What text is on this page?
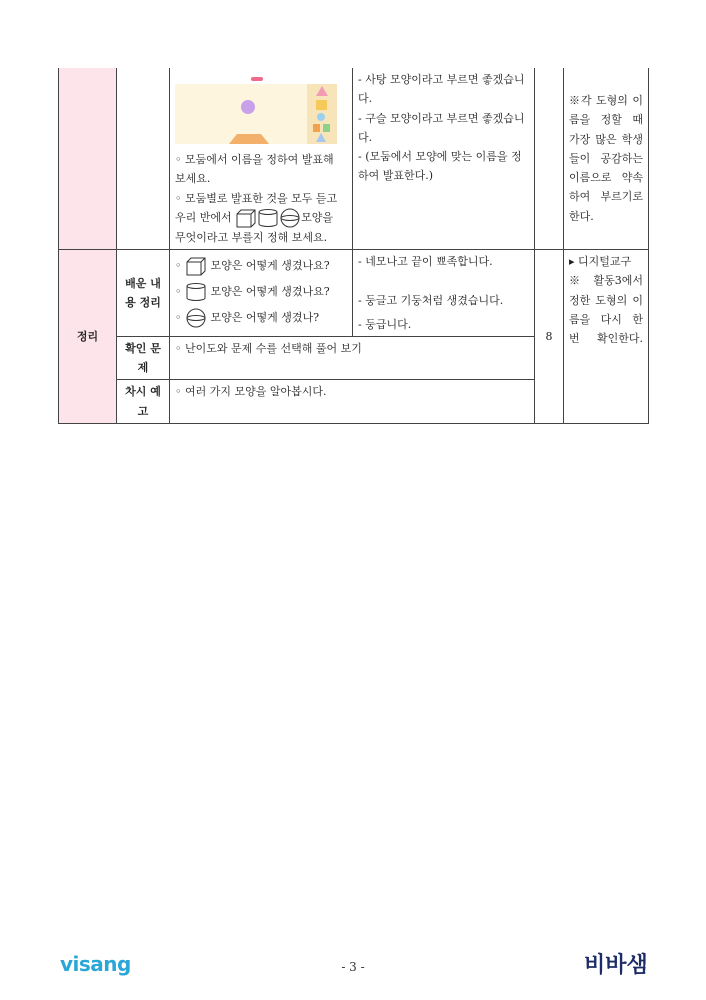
		◦ 모둠에서 이름을 정하여 발표해 보세요.
◦ 모둠별로 발표한 것을 모두 듣고
우리 반에서 모양을
무엇이라고 부를지 정해 보세요.	- 사탕 모양이라고 부르면 좋겠습니다.
- 구슬 모양이라고 부르면 좋겠습니다.
- (모둠에서 모양에 맞는 이름을 정하여 발표한다.)		※각 도형의 이름을 정할 때 가장 많은 학생들이 공감하는 이름으로 약속하여 부르기로 한다.
정리	배운 내용 정리	◦  모양은 어떻게 생겼나요?
◦  모양은 어떻게 생겼나요?
◦  모양은 어떻게 생겼나?	- 네모나고 끝이 뾰족합니다.
- 둥글고 기둥처럼 생겼습니다.
- 둥급니다.	8	▸ 디지털교구
※활동3에서 정한 도형의 이름을 다시 한 번 확인한다.
	확인 문제	◦ 난이도와 문제 수를 선택해 풀어 보기			
	차시 예고	◦ 여러 가지 모양을 알아봅시다.			
visang	- 3 -	비바샘
